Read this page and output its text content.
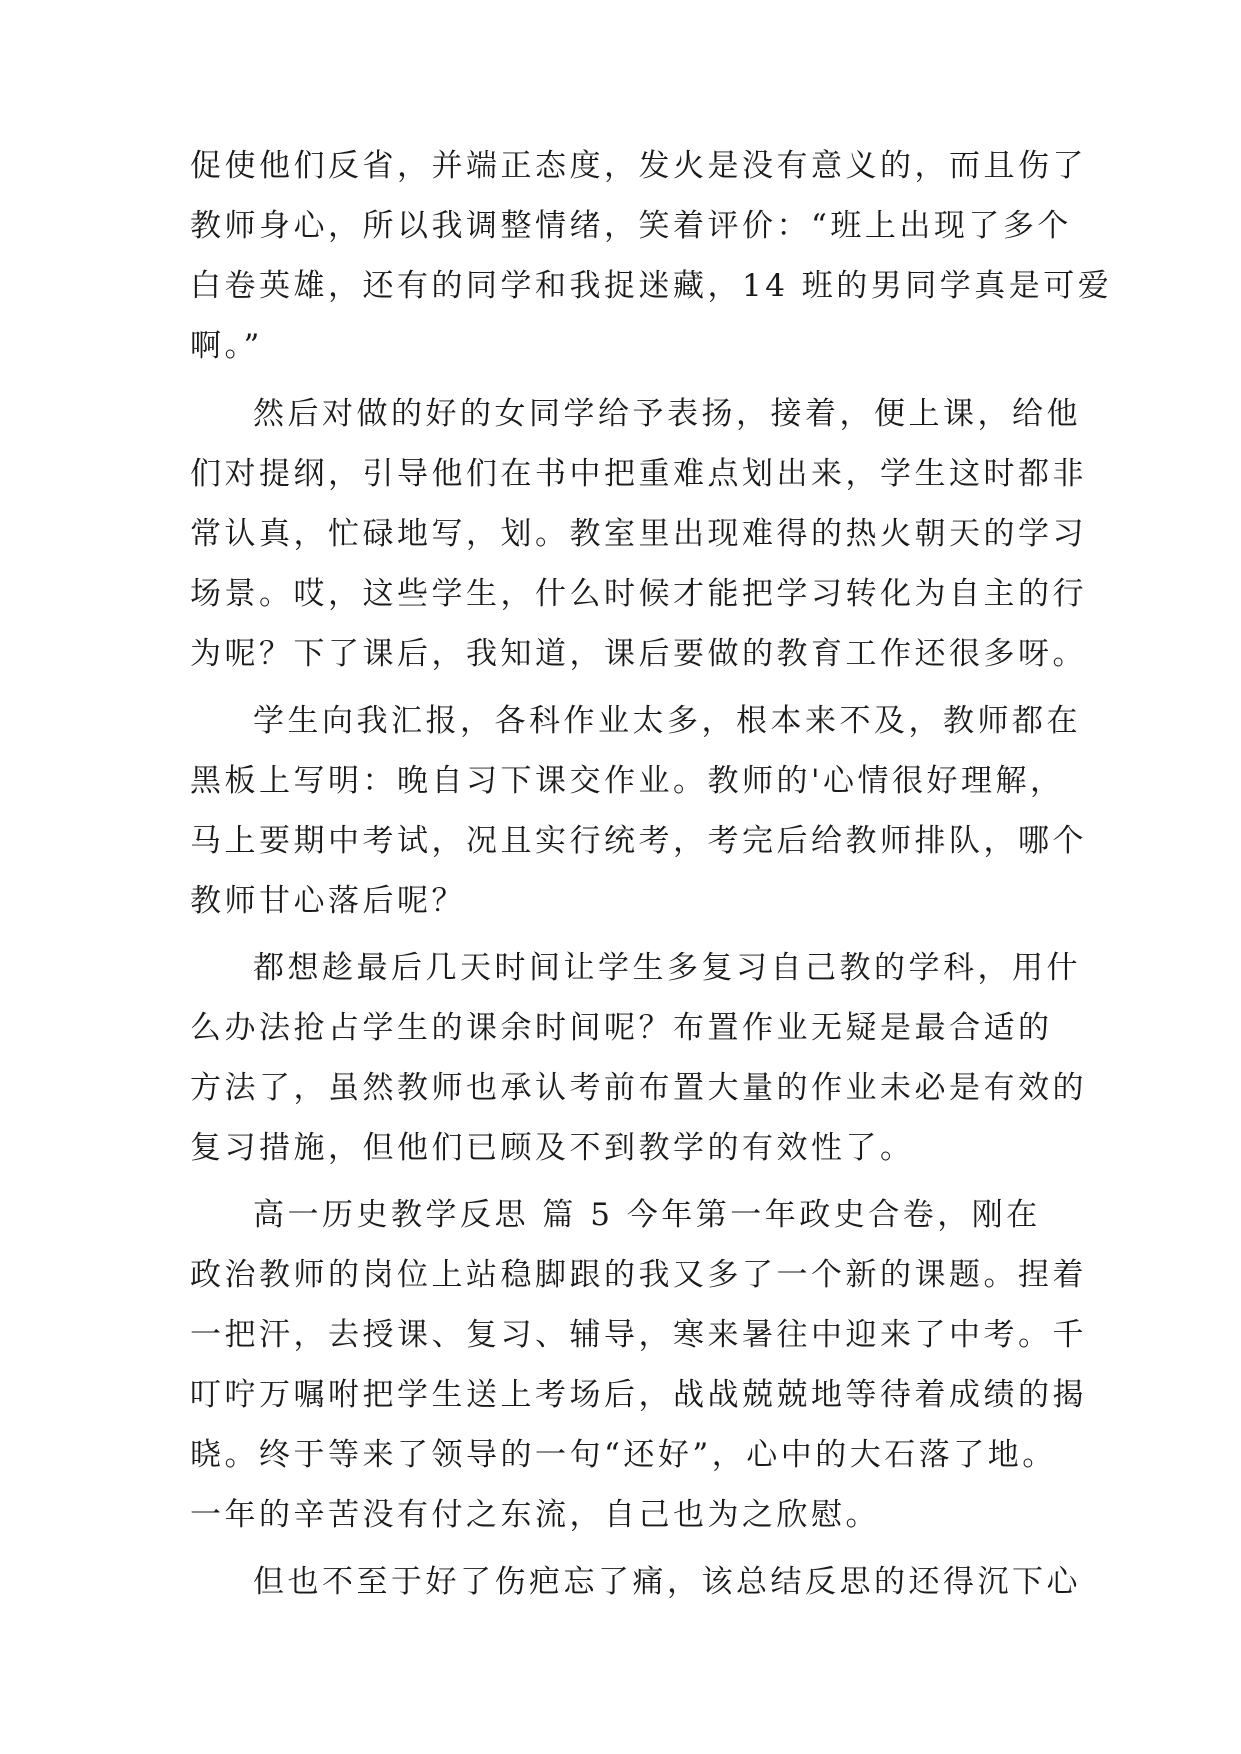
促使他们反省，并端正态度，发火是没有意义的，而且伤了
教师身心，所以我调整情绪，笑着评价：“班上出现了多个
白卷英雄，还有的同学和我捉迷藏，14 班的男同学真是可爱
啊。”
然后对做的好的女同学给予表扬，接着，便上课，给他
们对提纲，引导他们在书中把重难点划出来，学生这时都非
常认真，忙碌地写，划。教室里出现难得的热火朝天的学习
场景。哎，这些学生，什么时候才能把学习转化为自主的行
为呢？下了课后，我知道，课后要做的教育工作还很多呀。
学生向我汇报，各科作业太多，根本来不及，教师都在
黑板上写明：晚自习下课交作业。教师的'心情很好理解，
马上要期中考试，况且实行统考，考完后给教师排队，哪个
教师甘心落后呢？
都想趁最后几天时间让学生多复习自己教的学科，用什
么办法抢占学生的课余时间呢？布置作业无疑是最合适的
方法了，虽然教师也承认考前布置大量的作业未必是有效的
复习措施，但他们已顾及不到教学的有效性了。
高一历史教学反思 篇 5 今年第一年政史合卷，刚在
政治教师的岗位上站稳脚跟的我又多了一个新的课题。捏着
一把汗，去授课、复习、辅导，寒来暑往中迎来了中考。千
叮咛万嘱咐把学生送上考场后，战战兢兢地等待着成绩的揭
晓。终于等来了领导的一句“还好”，心中的大石落了地。
一年的辛苦没有付之东流，自己也为之欣慰。
但也不至于好了伤疤忘了痛，该总结反思的还得沉下心
